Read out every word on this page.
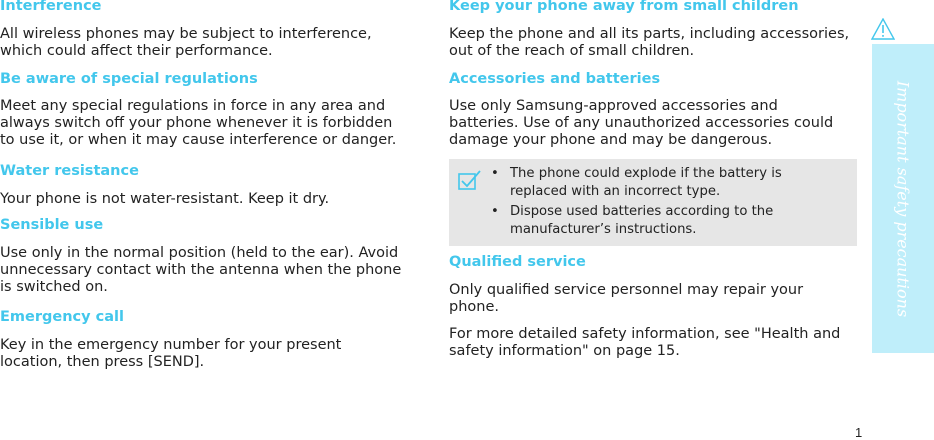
Interference

All wireless phones may be subject to interference,

which could affect their performance.

Be aware of special regulations

Meet any special regulations in force in any area and

always switch off your phone whenever it is forbidden

to use it, or when it may cause interference or danger.

Water resistance

Your phone is not water-resistant. Keep it dry.

Sensible use

Use only in the normal position (held to the ear). Avoid

unnecessary contact with the antenna when the phone

is switched on.

Emergency call

Key in the emergency number for your present

location, then press [SEND].

Keep your phone away from small children

Keep the phone and all its parts, including accessories,

out of the reach of small children.

Accessories and batteries

Use only Samsung-approved accessories and

batteries. Use of any unauthorized accessories could

damage your phone and may be dangerous.

Qualified service

Only qualified service personnel may repair your

phone.

For more detailed safety information, see "Health and

safety information" on page 15.

• The phone could explode if the battery is
replaced with an incorrect type.
• Dispose used batteries according to the
manufacturer’s instructions.	Important safety precautions
1
